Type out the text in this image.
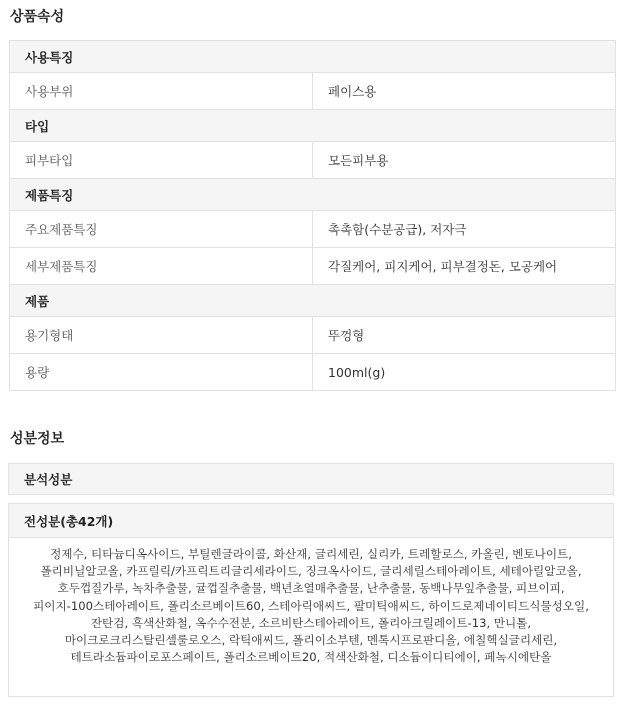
상품속성
사용특징	
사용부위	페이스용
타입	
피부타입	모든피부용
제품특징	
주요제품특징	촉촉함(수분공급), 저자극
세부제품특징	각질케어, 피지케어, 피부결정돈, 모공케어
제품	
용기형태	뚜껑형
용량	100ml(g)
성분정보
분석성분
전성분(총42개)

정제수, 티타늄디옥사이드, 부틸렌글라이콜, 화산재, 글리세린, 실리카, 트레할로스, 카올린, 벤토나이트, 폴리비닐알코올, 카프릴릭/카프릭트리글리세라이드, 징크옥사이드, 글리세릴스테아레이트, 세테아릴알코올, 호두껍질가루, 녹차추출물, 귤껍질추출물, 백년초열매추출물, 난추출물, 동백나무잎추출물, 피브이피, 피이지-100스테아레이트, 폴리소르베이트60, 스테아릭애씨드, 팔미틱애씨드, 하이드로제네이티드식물성오일, 잔탄검, 흑색산화철, 옥수수전분, 소르비탄스테아레이트, 폴리아크릴레이트-13, 만니톨, 마이크로크리스탈린셀룰로오스, 락틱애씨드, 폴리이소부텐, 멘톡시프로판디올, 에칠헥실글리세린, 테트라소듐파이로포스페이트, 폴리소르베이트20, 적색산화철, 디소듐이디티에이, 페녹시에탄올
